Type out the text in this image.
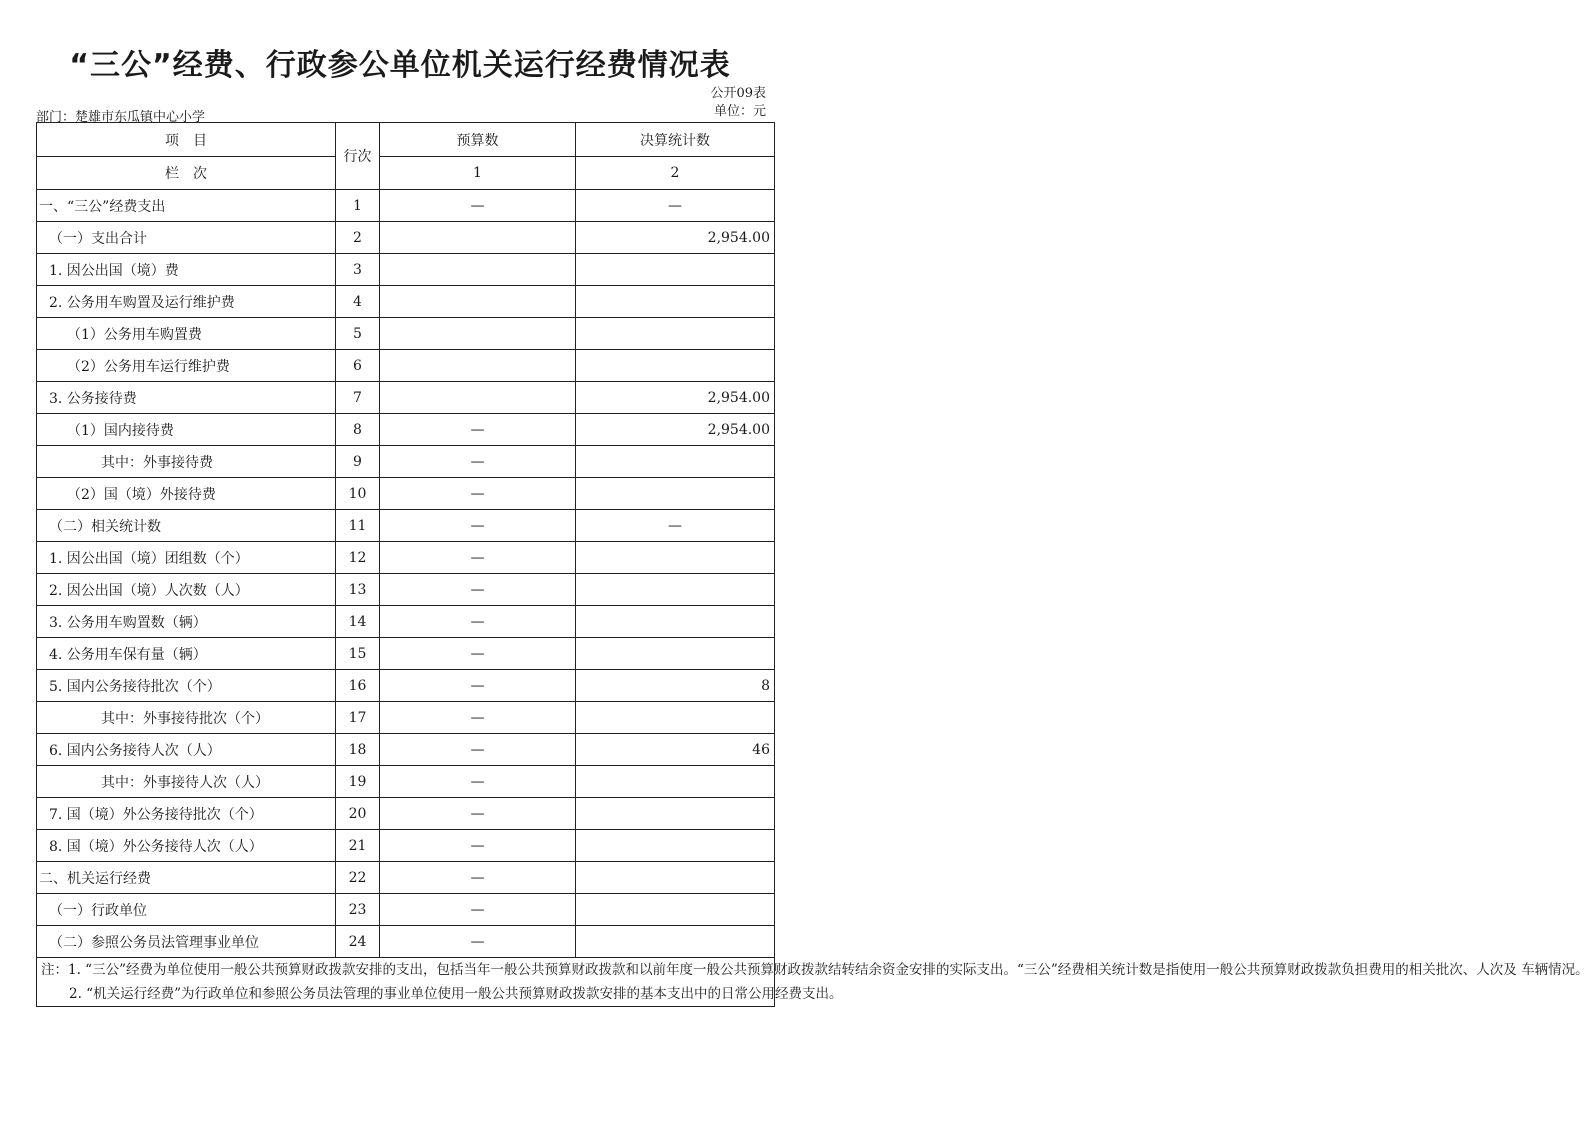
“三公”经费、行政参公单位机关运行经费情况表
公开09表
单位：元
部门：楚雄市东瓜镇中心小学
项　目	行次	预算数	决算统计数
栏　次		1	2
一、“三公”经费支出	1	—	—
（一）支出合计	2		2,954.00
1. 因公出国（境）费	3		
2. 公务用车购置及运行维护费	4		
（1）公务用车购置费	5		
（2）公务用车运行维护费	6		
3. 公务接待费	7		2,954.00
（1）国内接待费	8	—	2,954.00
其中：外事接待费	9	—	
（2）国（境）外接待费	10	—	
（二）相关统计数	11	—	—
1. 因公出国（境）团组数（个）	12	—	
2. 因公出国（境）人次数（人）	13	—	
3. 公务用车购置数（辆）	14	—	
4. 公务用车保有量（辆）	15	—	
5. 国内公务接待批次（个）	16	—	8
其中：外事接待批次（个）	17	—	
6. 国内公务接待人次（人）	18	—	46
其中：外事接待人次（人）	19	—	
7. 国（境）外公务接待批次（个）	20	—	
8. 国（境）外公务接待人次（人）	21	—	
二、机关运行经费	22	—	
（一）行政单位	23	—	
（二）参照公务员法管理事业单位	24	—	

注：1. “三公”经费为单位使用一般公共预算财政拨款安排的支出，包括当年一般公共预算财政拨款和以前年度一般公共预算财政拨款结转结余资金安排的实际支出。“三公”经费相关统计数是指使用一般公共预算财政拨款负担费用的相关批次、人次及 车辆情况。

2. “机关运行经费”为行政单位和参照公务员法管理的事业单位使用一般公共预算财政拨款安排的基本支出中的日常公用经费支出。			
